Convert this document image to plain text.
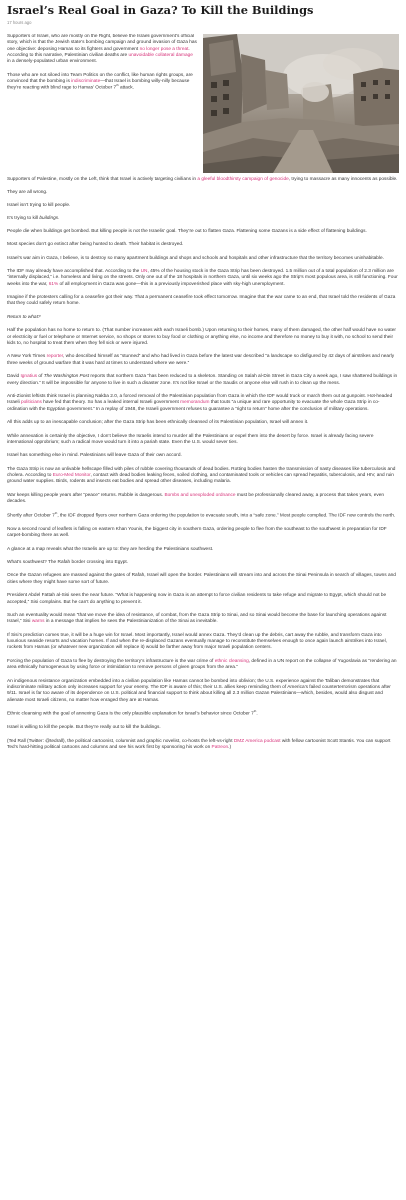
Israel’s Real Goal in Gaza? To Kill the Buildings
17 hours ago

Supporters of Israel, who are mostly on the Right, believe the Israeli government’s official story, which is that the Jewish state’s bombing campaign and ground invasion of Gaza has one objective: deposing Hamas so its fighters and government no longer pose a threat. According to this narrative, Palestinian civilian deaths are unavoidable collateral damage in a densely-populated urban environment.

Those who are not siloed into Team Politics on the conflict, like human rights groups, are convinced that the bombing is indiscriminate—that Israel is bombing willy-nilly because they’re reacting with blind rage to Hamas’ October 7th attack.

Supporters of Palestine, mostly on the Left, think that Israel is actively targeting civilians in a gleeful bloodthirsty campaign of genocide, trying to massacre as many innocents as possible.

They are all wrong.

Israel isn’t trying to kill people.

It’s trying to kill buildings.

People die when buildings get bombed. But killing people is not the Israelis’ goal. They’re out to flatten Gaza. Flattening some Gazans is a side effect of flattening buildings.

Most species don’t go extinct after being hunted to death. Their habitat is destroyed.

Israel’s war aim in Gaza, I believe, is to destroy so many apartment buildings and shops and schools and hospitals and other infrastructure that the territory becomes uninhabitable.

The IDF may already have accomplished that. According to the UN, 45% of the housing stock in the Gaza Strip has been destroyed. 1.5 million out of a total population of 2.3 million are “internally displaced,” i.e. homeless and living on the streets. Only one out of the 18 hospitals in northern Gaza, until six weeks ago the Strip’s most populous area, is still functioning. Four weeks into the war, 61% of all employment in Gaza was gone—this in a previously impoverished place with sky-high unemployment.

Imagine if the protesters calling for a ceasefire got their way. That a permanent ceasefire took effect tomorrow. Imagine that the war came to an end, that Israel told the residents of Gaza that they could safely return home.

Return to what?

Half the population has no home to return to. (That number increases with each Israeli bomb.) Upon returning to their homes, many of them damaged, the other half would have no water or electricity or fuel or telephone or Internet service, no shops or stores to buy food or clothing or anything else, no income and therefore no money to buy it with, no school to send their kids to, no hospital to treat them when they fell sick or were injured.

A New York Times reporter, who described himself as “stunned” and who had lived in Gaza before the latest war described “a landscape so disfigured by 42 days of airstrikes and nearly three weeks of ground warfare that it was hard at times to understand where we were.”

David Ignatius of The Washington Post reports that northern Gaza “has been reduced to a skeleton. Standing on Salah al-Din Street in Gaza City a week ago, I saw shattered buildings in every direction.” It will be impossible for anyone to live in such a disaster zone. It’s not like Israel or the Saudis or anyone else will rush in to clean up the mess.

Anti-Zionist leftists think Israel is planning Nakba 2.0, a forced removal of the Palestinian population from Gaza in which the IDF would truck or march them out at gunpoint. Hot-headed Israeli politicians have fed that theory. So has a leaked internal Israeli government memorandum that touts “a unique and rare opportunity to evacuate the whole Gaza Strip in co-ordination with the Egyptian government.” In a replay of 1948, the Israeli government refuses to guarantee a “right to return” home after the conclusion of military operations.

All this adds up to an inescapable conclusion; after the Gaza Strip has been ethnically cleansed of its Palestinian population, Israel will annex it.

While annexation is certainly the objective, I don’t believe the Israelis intend to murder all the Palestinians or expel them into the desert by force. Israel is already facing severe international opprobrium; such a radical move would turn it into a pariah state. Even the U.S. would sever ties.

Israel has something else in mind. Palestinians will leave Gaza of their own accord.

The Gaza Strip is now an unlivable hellscape filled with piles of rubble covering thousands of dead bodies. Rotting bodies hasten the transmission of nasty diseases like tuberculosis and cholera. According to Euro-Med Monitor, contact with dead bodies leaking feces, soiled clothing, and contaminated tools or vehicles can spread hepatitis, tuberculosis, and HIV, and ruin ground water supplies. Birds, rodents and insects eat bodies and spread other diseases, including malaria.

War keeps killing people years after “peace” returns. Rubble is dangerous. Bombs and unexploded ordnance must be professionally cleared away, a process that takes years, even decades.

Shortly after October 7th, the IDF dropped flyers over northern Gaza ordering the population to evacuate south, into a “safe zone.” Most people complied. The IDF now controls the north.

Now a second round of leaflets is falling on eastern Khan Younis, the biggest city in southern Gaza, ordering people to flee from the southeast to the southwest in preparation for IDF carpet-bombing there as well.

A glance at a map reveals what the Israelis are up to: they are herding the Palestinians southwest.

What’s southwest? The Rafah border crossing into Egypt.

Once the Gazan refugees are massed against the gates of Rafah, Israel will open the border. Palestinians will stream into and across the Sinai Peninsula in search of villages, towns and cities where they might have some sort of future.

President Abdel Fattah al-Sisi sees the near future. “What is happening now in Gaza is an attempt to force civilian residents to take refuge and migrate to Egypt, which should not be accepted,” Sisi complains. But he can’t do anything to prevent it.

Such an eventuality would mean “that we move the idea of resistance, of combat, from the Gaza Strip to Sinai, and so Sinai would become the base for launching operations against Israel,” Sisi warns in a message that implies he sees the Palestinianization of the Sinai as inevitable.

If Sisi’s prediction comes true, it will be a huge win for Israel. Most importantly, Israel would annex Gaza. They’d clean up the debris, cart away the rubble, and transform Gaza into luxurious seaside resorts and vacation homes. If and when the re-displaced Gazans eventually manage to reconstitute themselves enough to once again launch airstrikes into Israel, rockets from Hamas (or whatever new organization will replace it) would be farther away from major Israeli population centers.

Forcing the population of Gaza to flee by destroying the territory’s infrastructure is the war crime of ethnic cleansing, defined in a UN report on the collapse of Yugoslavia as “rendering an area ethnically homogeneous by using force or intimidation to remove persons of given groups from the area.”

An indigenous resistance organization embedded into a civilian population like Hamas cannot be bombed into oblivion; the U.S. experience against the Taliban demonstrates that indiscriminate military action only increases support for your enemy. The IDF is aware of this; their U.S. allies keep reminding them of America’s failed counterterrorism operations after 9/11. Israel is far too aware of its dependence on U.S. political and financial support to think about killing all 2.3 million Gazan Palestinians—which, besides, would also disgust and alienate most Israeli citizens, no matter how enraged they are at Hamas.

Ethnic cleansing with the goal of annexing Gaza is the only plausible explanation for Israel’s behavior since October 7th.

Israel is willing to kill the people. But they’re really out to kill the buildings.

(Ted Rall (Twitter: @tedrall), the political cartoonist, columnist and graphic novelist, co-hosts the left-vs-right DMZ America podcast with fellow cartoonist Scott Stantis. You can support Ted’s hard-hitting political cartoons and columns and see his work first by sponsoring his work on Patreon.)
